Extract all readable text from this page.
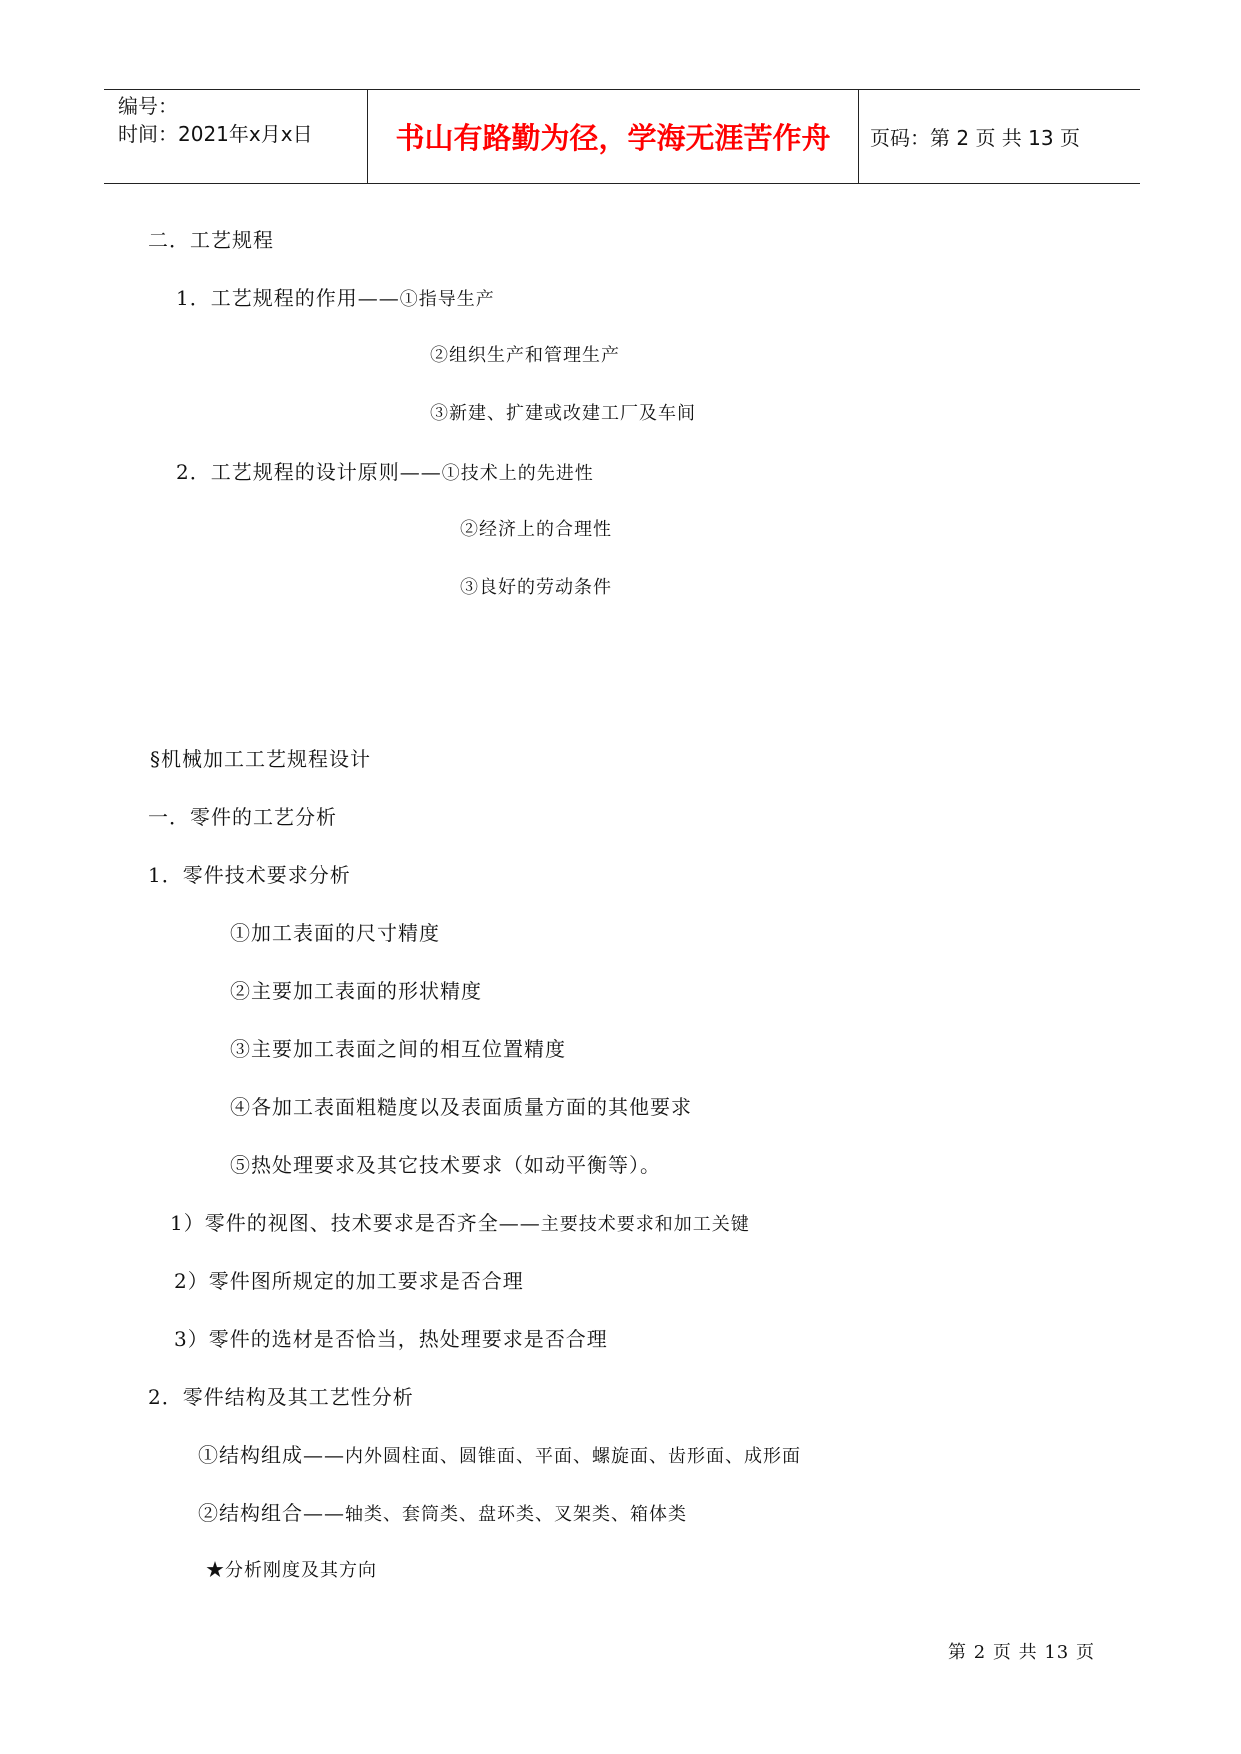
编号：
时间：2021年x月x日	书山有路勤为径，学海无涯苦作舟	页码：第 2 页 共 13 页
二．工艺规程
1．工艺规程的作用——①指导生产
②组织生产和管理生产
③新建、扩建或改建工厂及车间
2．工艺规程的设计原则——①技术上的先进性
②经济上的合理性
③良好的劳动条件
§机械加工工艺规程设计
一．零件的工艺分析
1．零件技术要求分析
①加工表面的尺寸精度
②主要加工表面的形状精度
③主要加工表面之间的相互位置精度
④各加工表面粗糙度以及表面质量方面的其他要求
⑤热处理要求及其它技术要求（如动平衡等）。
1）零件的视图、技术要求是否齐全——主要技术要求和加工关键
2）零件图所规定的加工要求是否合理
3）零件的选材是否恰当，热处理要求是否合理
2．零件结构及其工艺性分析
①结构组成——内外圆柱面、圆锥面、平面、螺旋面、齿形面、成形面
②结构组合——轴类、套筒类、盘环类、叉架类、箱体类
★分析刚度及其方向
第 2 页 共 13 页
